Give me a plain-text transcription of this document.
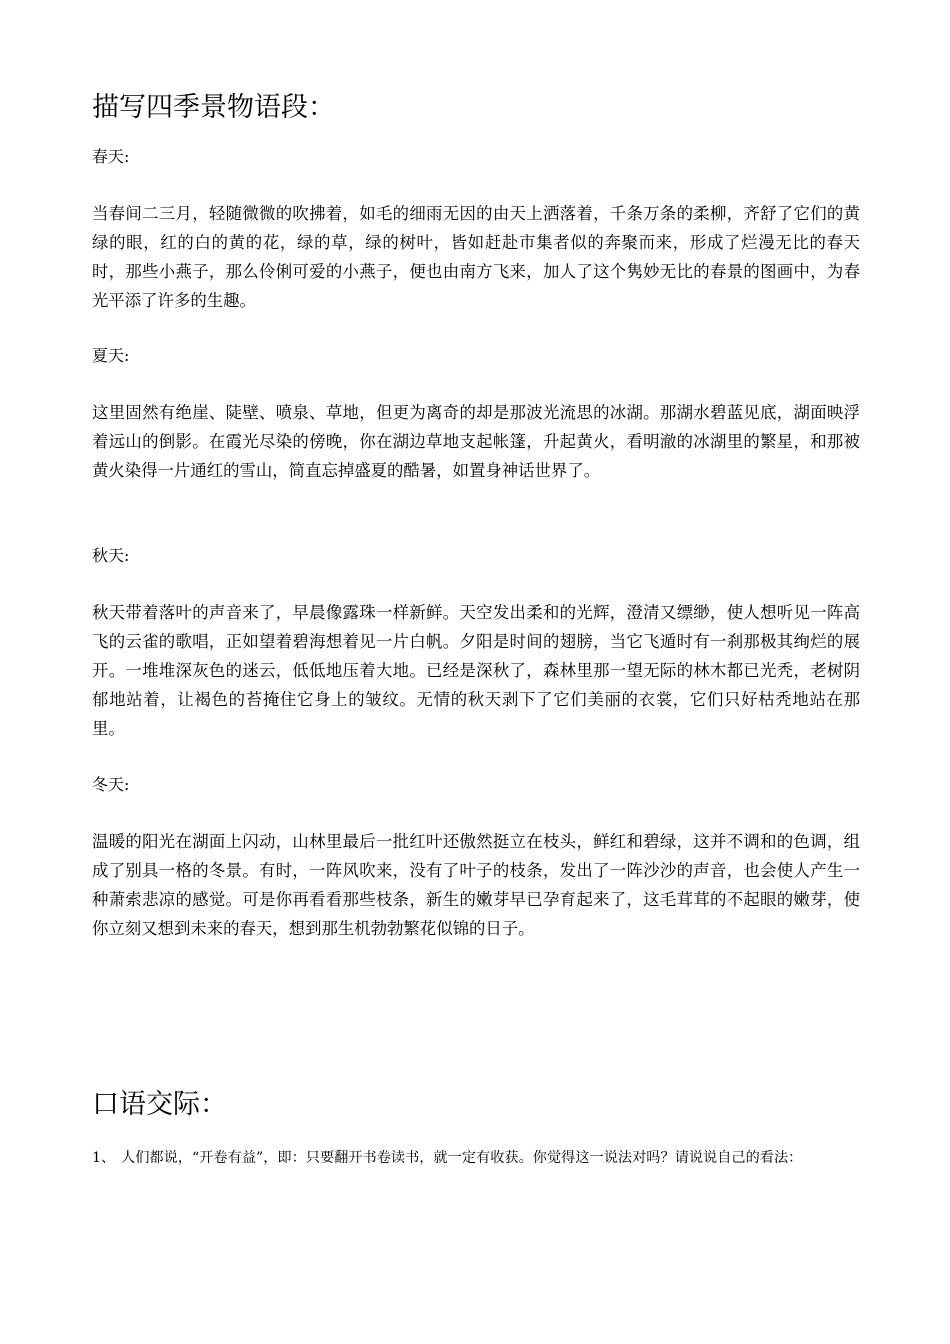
描写四季景物语段：
春天:
当春间二三月，轻随微微的吹拂着，如毛的细雨无因的由天上洒落着，千条万条的柔柳，齐舒了它们的黄绿的眼，红的白的黄的花，绿的草，绿的树叶，皆如赶赴市集者似的奔聚而来，形成了烂漫无比的春天时，那些小燕子，那么伶俐可爱的小燕子，便也由南方飞来，加人了这个隽妙无比的春景的图画中，为春光平添了许多的生趣。
夏天:
这里固然有绝崖、陡壁、喷泉、草地，但更为离奇的却是那波光流思的冰湖。那湖水碧蓝见底，湖面映浮着远山的倒影。在霞光尽染的傍晚，你在湖边草地支起帐篷，升起黄火，看明澈的冰湖里的繁星，和那被黄火染得一片通红的雪山，简直忘掉盛夏的酷暑，如置身神话世界了。
秋天:
秋天带着落叶的声音来了，早晨像露珠一样新鲜。天空发出柔和的光辉，澄清又缥缈，使人想听见一阵高飞的云雀的歌唱，正如望着碧海想着见一片白帆。夕阳是时间的翅膀，当它飞遁时有一刹那极其绚烂的展开。一堆堆深灰色的迷云，低低地压着大地。已经是深秋了，森林里那一望无际的林木都已光秃，老树阴郁地站着，让褐色的苔掩住它身上的皱纹。无情的秋天剥下了它们美丽的衣裳，它们只好枯秃地站在那里。
冬天:
温暖的阳光在湖面上闪动，山林里最后一批红叶还傲然挺立在枝头，鲜红和碧绿，这并不调和的色调，组成了别具一格的冬景。有时，一阵风吹来，没有了叶子的枝条，发出了一阵沙沙的声音，也会使人产生一种萧索悲凉的感觉。可是你再看看那些枝条，新生的嫩芽早已孕育起来了，这毛茸茸的不起眼的嫩芽，使你立刻又想到未来的春天，想到那生机勃勃繁花似锦的日子。
口语交际：
1、 人们都说，“开卷有益”，即：只要翻开书卷读书，就一定有收获。你觉得这一说法对吗？请说说自己的看法：
